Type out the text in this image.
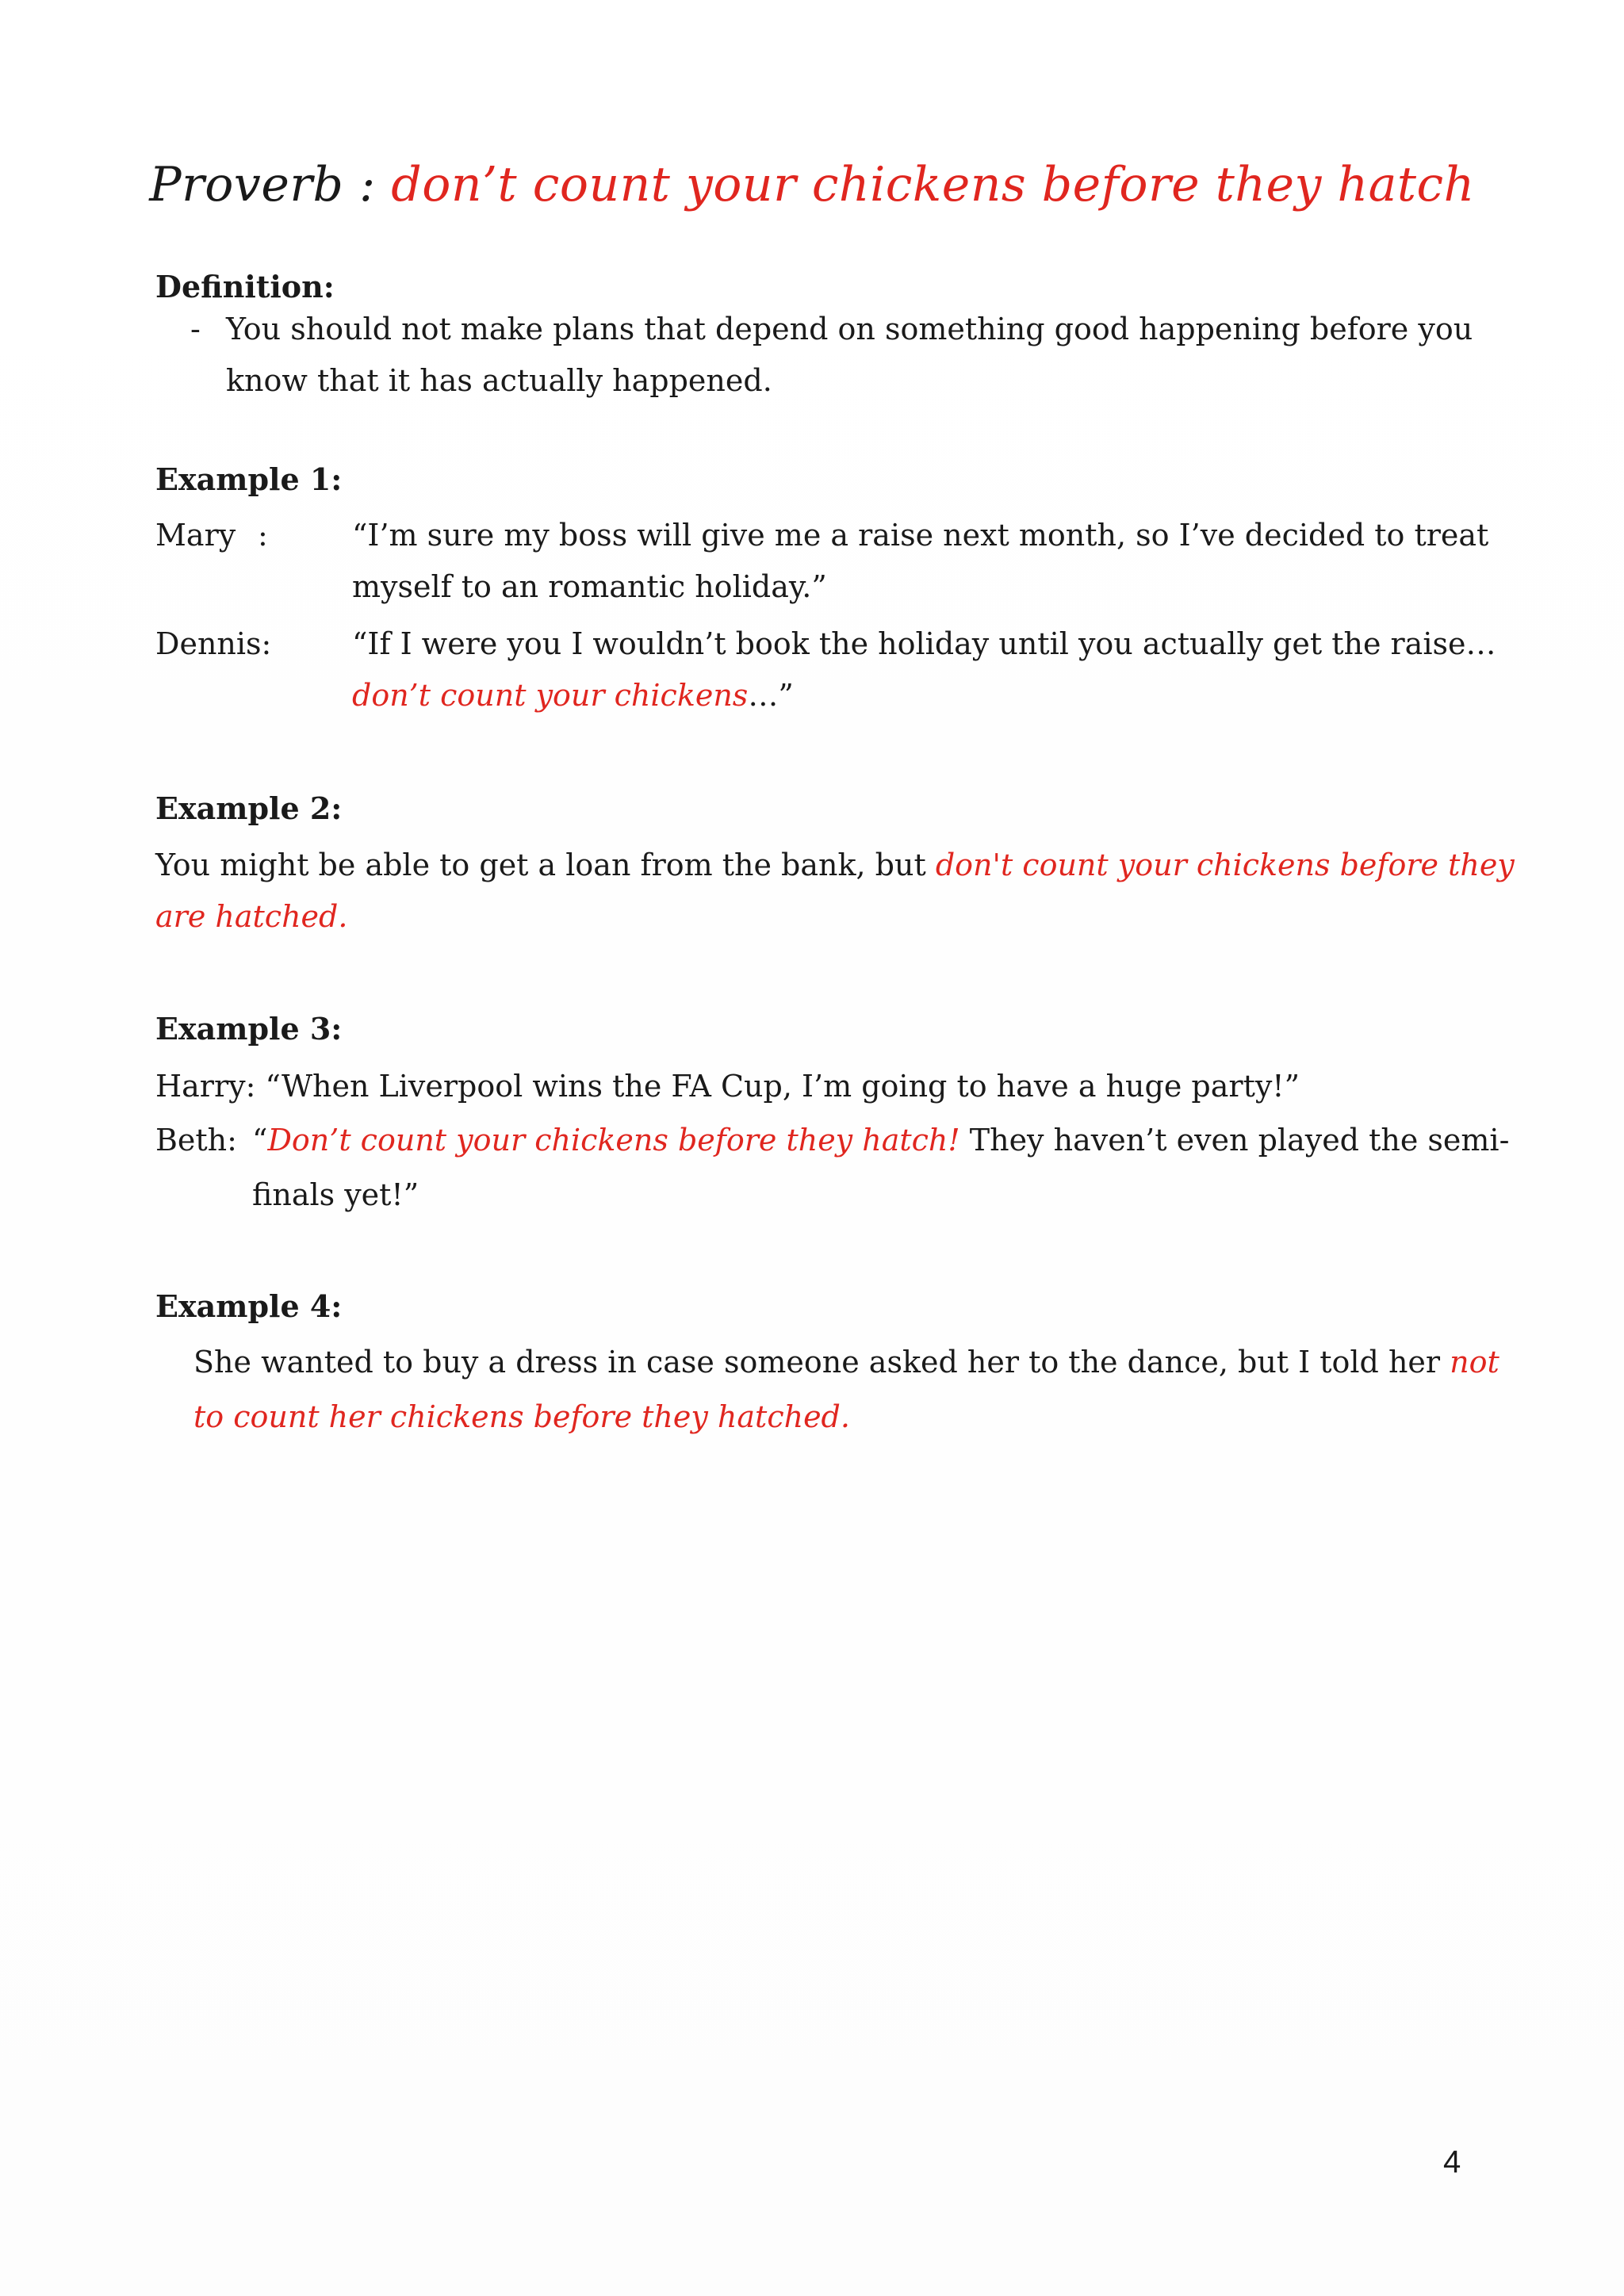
Proverb : don’t count your chickens before they hatch
Definition:
- You should not make plans that depend on something good happening before you
know that it has actually happened.
Example 1:
Mary :	“I’m sure my boss will give me a raise next month, so I’ve decided to treat
myself to an romantic holiday.”
Dennis:	“If I were you I wouldn’t book the holiday until you actually get the raise…
don’t count your chickens…”
Example 2:
You might be able to get a loan from the bank, but don't count your chickens before they
are hatched.
Example 3:
Harry: “When Liverpool wins the FA Cup, I’m going to have a huge party!”
Beth: “Don’t count your chickens before they hatch! They haven’t even played the semi-
finals yet!”
Example 4:
She wanted to buy a dress in case someone asked her to the dance, but I told her not
to count her chickens before they hatched.
4
